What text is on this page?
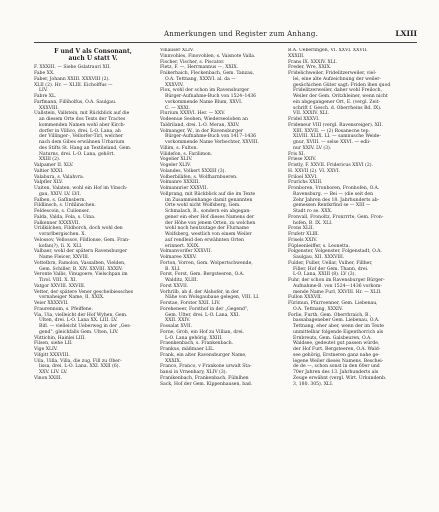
Anmerkungen und Register zum Anhang.	LXIII
F und V als Consonant,
auch U statt V.
F. XXXIII. — Siehe Gslatrauri XII.
Fabe XX.
Faber, Johann XXIII. XXXVIII (2).
XLII (2). Hr. — XLIII. Eicholffus —
LIV.
Fabre XL.
Farfmann, Filliholfus, O.A. Saulgau.
XXXVIII.
Uallstein, Vallstein, mit Rückblick auf die
an diesem Orte dos Texts der Tractes
kommenden Namen wohl aber Kirch-
dorfer in Villico, drei. L-O. Lana, ah
der Villinger-, Vellorfer-Tirl, welcher
nach dem Gibes erwähnen Urbarium
des Stifts St. Hang an Textileland, Gem.
Naturns, drei. L-O. Lana, gehört.
XXIII (2).
Valpamer II. XLV.
Valtier XXXI.
Valabura, s. Valahvra.
Valpfler XLV.
Uaiten, Valaten, wohl ein Hof im Vinsch-
gau, XXIV. LV. LVI.
Falben, s. Gaflinsbern.
Fildlinsch, s. Urdilinschen.
Feldescoin, s. Cuilenser.
Falda, Valda, Fola, s. Uina.
Falkenner XXXXVII.
Uriilkilchen, Fildborch, doch wohl den
vorarlbergischen. X.
Velossov, Vellossov, Fildlonse, Gem. Fran-
kofan(?), Ii. X. XLI.
Valbaer, wohl der spätern Ravensburger
Name Fleicer, XXVIII.
Vottelbrn, Famolon, Vassalben, Vielden,
Gem. Schiller, B. XIV. XXVIII. XXXIV.
Veronte Vallis, Vinugoere, Vielschpan im
Tirol. VIII. X. XI.
Vatgor XXVIII. XXVIII.
Vetter, der spätere Vener gescheibiessches
vornaheiger Name, II. XXIX.
Veier XXXXVII.
Fraurennum, s. Pfeiffene.
Via, Uia, vielleicht der Hof Wyhen, Gem.
Ulten, drei. L-O. Lana XX. LIII. LV.
Bifl. — vielleicht Ueberweg in der „Ges-
gend", gleichfalls Gem. Ulten, LIV.
Vüttichin, Hainlei LIII.
Filsen, siehe LII.
Vige XLIV.
Vifgitt XXXVIII.
Uila, Uilla, Villa, die zug. Fill zu Ober-
lissa, drei. L-O. Lana. XXI. XXII (6).
XXV. LIV. LV.
Vinon XXIII.
Vinauser XLIV.
Vinnvohles, Finovohlen, s. Vaisnote Valla.
Fischer, Vischer, s. Piscator.
Fletz, F. —, Herrmannus —, XXIX.
Fnikerhaich, Fleckenbach, Gem. Tanzau,
O.A. Tettnang, XXXVI. al. da —
XXXVIV.
Flox, wohl der schon im Ravensburger
Bürger-Aufnahme-Buch von 1524–1436
vorkommende Name Blum, XXVI.
C. — XXXI.
Flurium XXXVI. Her. — XXV.
Vodeenue Seoben, Wiederseoloben an
Taldriland, drei. L-O. Meran, XXIV.
Volmanger, W., in der Ravensburger
Bürger-Aufnahme-Buch von 1417–1436
vorkommende Name Verbechter, XXVIII.
Villim, s. Fulton.
Vilidefon, s. Farilimon.
Vogelier XLIV.
Vogeler XLIV.
Volandes, Volkert XXXIII (3).
Volberbiläfen, s. Wolfharnbueren.
Volmanre XXXIII.
Volmannrier XXXVII.
Vollprang, mit Rückblick auf die im Texte
im Zusammenhange damit genannten
Orte wohl nicht Wolfsberg, Gem.
Schmalach, B., sondern ein abgegan-
gener ein eher Hof dieses Namens der
der Höhe von jenem Orten, zu welchen
wohl noch heutzutage der Flurname
Wolfsberg, westlich von einem Weiler
auf rendleid den erwähnten Orten
erinnert. XXIX.
Volmanvorifer XXXVII.
Volmaree XXXV.
Forton, Vorren, Gem. Wolpertschwende,
B. XLI.
Forst, Forst, Gem. Bergsteeren, O.A.
Walditz, XLIII.
Forst XXVII.
Vorhrilb, ab d. der Alshofer, in der
Nähe von Wolsgaubaue gelegen, VIII. LI.
Forstae, Forster XXII. LIV.
Foreheneer, Forsthof in der „Gegend",
Gem. Ulter, drei. L-O. Lana, XXI.
XXII. XXIV.
Fossalat XVII.
Forne, Groh, ein Hof zu Villian, drei.
L-O. Lana gehörig, XXIII.
Fraenkenbach, s. Frankenbach.
Frankus, mäßmaer LIL.
Frank, ein alter Ravensburger Name,
XXXIX.
Franco, Franco, v Frankone urwalt Sta-
hansi in Vrnenhary, XLIV (3).
Franikenbach, Frankenbach, Fülnlhen
Sack, Hof der Gem. Kippenhausen, bad.
B.A. Ueberlingen, VI. XXVI. XXVII.
XXXIII.
Frans IX. XXXIV. XLI.
Freder, Wre, XXIX.
Fridelichweiler, Fridelitzerweiler, viel-
lei, eine alte Aufzeichnung der weiler-
gesächichen Güter sagt: Friden ihen quod
Fridelitzerweiler, daher wohl Freiloch,
Weiler der Gem. Oritzhleiner, wenn nicht
ein abgegangener Ort, E. (vergl. Zeit-
schrift f. Gesch. d. Oberrheins Bd. IX).
VII. XXXIV. XLI.
Fridel XXXVI.
Frideneur VIII (vergl. Ravensreiger). XII.
XIII. XXVII. — (2) Rosanecne tep.
XLVIII. XLIX. LI. — samnusche Weide-
gnur, XVIII. — selse XXVI. — edli-
nur XXIV. LV (3).
Fris XI.
Friese XXIV.
Fristly, F. XXVII. Fridericus XXVI (2).
H. XXVII (2). VI. XXVI.
Friloel XXVI.
Frurichs XXIII.
Fronboren, Vronboren, Fronhofen, O.A.
Ravensburg. — Bei — (die seit den
Zehr Jahren des 18. Jahrhunderts ab-
gemessen Rentkrfind se — XIII —
Stadt ro se. XXX.
Fronvall, Fronoltz, Fronrrrte, Gem. Fron-
hofen, B. IX. XLI.
Frons XLII.
Frufetr XLIII.
Frisels XXIV.
Füpleenleiffer, s. Leonetta.
Folgenster, Volgenster, Folgenstadt, O.A.
Saulgau, XII. XXXVIII.
Fulder, Fuller, Uellar, Vulher, Fillher,
Filler, Hof der Gem. Thann, drei.
L-O. Lana, XXIII (8). LV (3).
Fuhr, der schon im Ravensburger Bürger-
Aufnahme-B. von 1524—1436 vorkom-
mende Name Furl, XXVIII. Hr. — XLII.
Fullon XXXVII.
Fürimun, Pfurroenner, Gem. Liebenau,
O.A. Tettnang, XXXIV.
Forlie, Furth, Gem. Oberrbraich, B.,
bassabageneber Gem. Liebenau, O.A.
Tettnang, eher aber, wenn der im Texte
unmittelbar folgende Eigenthorrich als
Ernbreuts, Gem. Galsbeuren, O.A.
Waldsee, gedeutet gut passen würde,
der Hof Furt, Bergsteeren, O.A. Wald-
see gehörig, Erstneren ganz nahe ge-
legene Weiler dieses Namens. Beschei-
de de —, schon sonst in den 60er und
70er Jahren des 13. Jahrhunderts als
Zeuge erwähnt (vergl. Wirt. Urkundenb.
3, 180. 305). XLI.
